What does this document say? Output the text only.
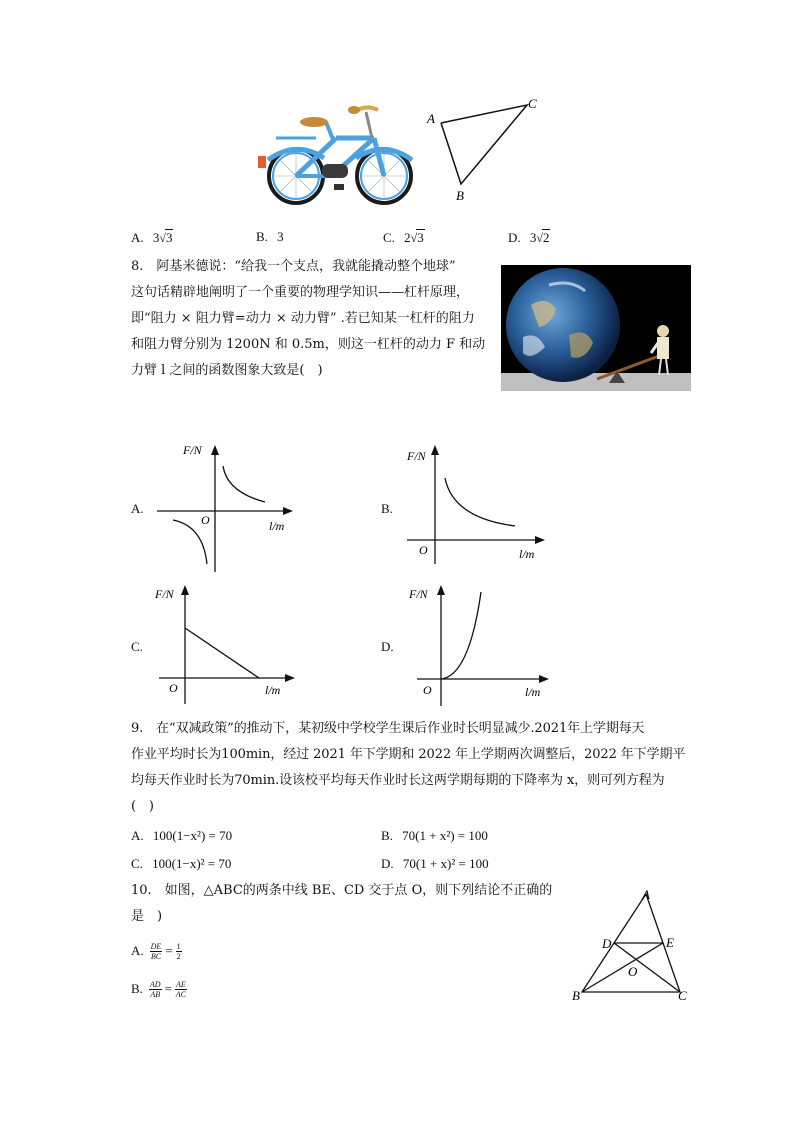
A
C
B
A. 3√3	B. 3	C. 2√3	D. 3√2
8.　阿基米德说：“给我一个支点，我就能撬动整个地球”
这句话精辟地阐明了一个重要的物理学知识——杠杆原理，
即“阻力 × 阻力臂=动力 × 动力臂” .若已知某一杠杆的阻力
和阻力臂分别为 1200N 和 0.5m，则这一杠杆的动力 F 和动
力臂 l 之间的函数图象大致是(　)
A.
F/N
l/m
O
B.
F/N
l/m
O
C.
F/N
l/m
O
D.
F/N
l/m
O
9.　在“双减政策”的推动下，某初级中学校学生课后作业时长明显减少.2021年上学期每天
作业平均时长为100min，经过 2021 年下学期和 2022 年上学期两次调整后，2022 年下学期平
均每天作业时长为70min.设该校平均每天作业时长这两学期每期的下降率为 x，则可列方程为
(　)
A. 100(1−x²) = 70	B. 70(1 + x²) = 100
C. 100(1−x)² = 70	D. 70(1 + x)² = 100
10.　如图，△ABC的两条中线 BE、CD 交于点 O，则下列结论不正确的
是　)
A. $\frac{DE}{BC} = \frac{1}{2}$
B. $\frac{AD}{AB} = \frac{AE}{AC}$
A
D	E
O
B	C
